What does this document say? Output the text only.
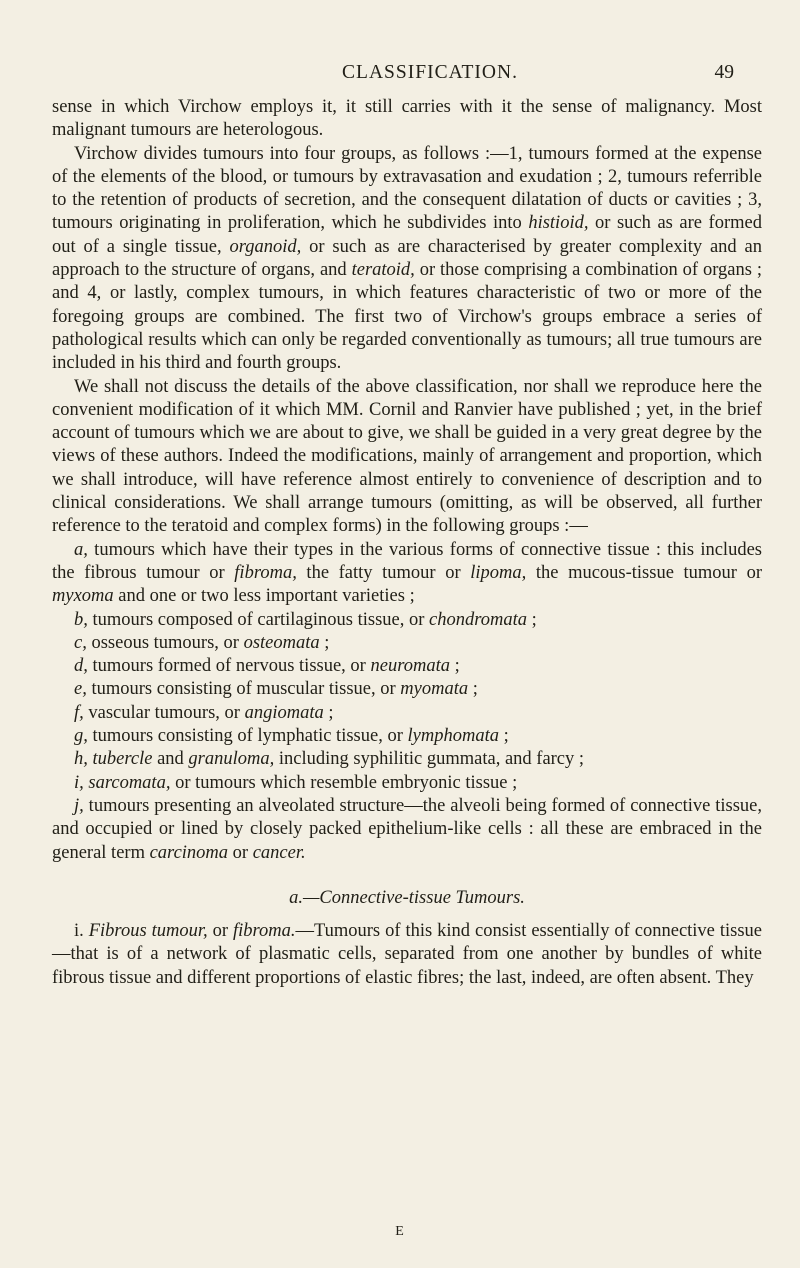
CLASSIFICATION.	49

sense in which Virchow employs it, it still carries with it the sense of malignancy. Most malignant tumours are heterologous.

Virchow divides tumours into four groups, as follows :—1, tumours formed at the expense of the elements of the blood, or tumours by extravasation and exudation ; 2, tumours referrible to the retention of products of secretion, and the consequent dilatation of ducts or cavities ; 3, tumours originating in proliferation, which he subdivides into histioid, or such as are formed out of a single tissue, organoid, or such as are characterised by greater complexity and an approach to the structure of organs, and teratoid, or those comprising a combination of organs ; and 4, or lastly, complex tumours, in which features characteristic of two or more of the foregoing groups are combined. The first two of Virchow's groups embrace a series of pathological results which can only be regarded conventionally as tumours; all true tumours are included in his third and fourth groups.

We shall not discuss the details of the above classification, nor shall we reproduce here the convenient modification of it which MM. Cornil and Ranvier have published ; yet, in the brief account of tumours which we are about to give, we shall be guided in a very great degree by the views of these authors. Indeed the modifications, mainly of arrangement and proportion, which we shall introduce, will have reference almost entirely to convenience of description and to clinical considerations. We shall arrange tumours (omitting, as will be observed, all further reference to the teratoid and complex forms) in the following groups :—

a, tumours which have their types in the various forms of connective tissue : this includes the fibrous tumour or fibroma, the fatty tumour or lipoma, the mucous-tissue tumour or myxoma and one or two less important varieties ;

b, tumours composed of cartilaginous tissue, or chondromata ;

c, osseous tumours, or osteomata ;

d, tumours formed of nervous tissue, or neuromata ;

e, tumours consisting of muscular tissue, or myomata ;

f, vascular tumours, or angiomata ;

g, tumours consisting of lymphatic tissue, or lymphomata ;

h, tubercle and granuloma, including syphilitic gummata, and farcy ;

i, sarcomata, or tumours which resemble embryonic tissue ;

j, tumours presenting an alveolated structure—the alveoli being formed of connective tissue, and occupied or lined by closely packed epithelium-like cells : all these are embraced in the general term carcinoma or cancer.

a.—Connective-tissue Tumours.

i. Fibrous tumour, or fibroma.—Tumours of this kind consist essentially of connective tissue—that is of a network of plasmatic cells, separated from one another by bundles of white fibrous tissue and different proportions of elastic fibres; the last, indeed, are often absent. They

E
